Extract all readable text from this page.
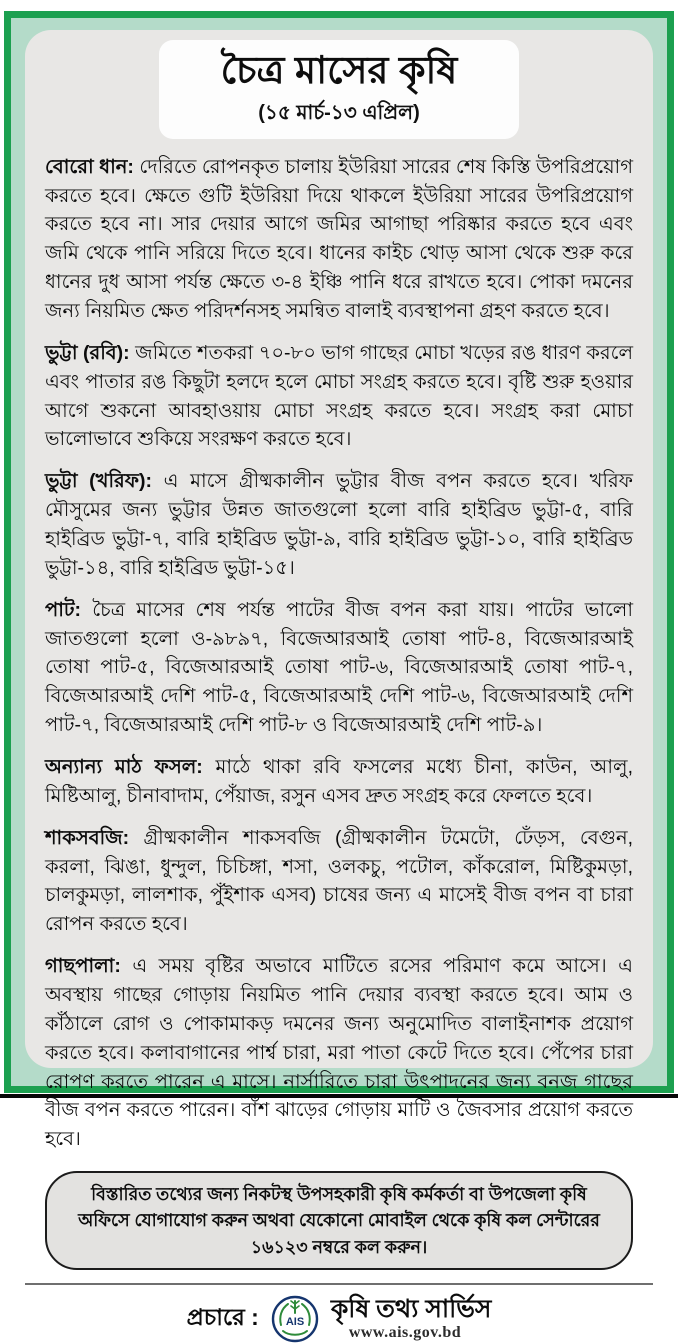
চৈত্র মাসের কৃষি
(১৫ মার্চ-১৩ এপ্রিল)

বোরো ধান: দেরিতে রোপনকৃত চালায় ইউরিয়া সারের শেষ কিস্তি উপরিপ্রয়োগ করতে হবে। ক্ষেতে গুটি ইউরিয়া দিয়ে থাকলে ইউরিয়া সারের উপরিপ্রয়োগ করতে হবে না। সার দেয়ার আগে জমির আগাছা পরিষ্কার করতে হবে এবং জমি থেকে পানি সরিয়ে দিতে হবে। ধানের কাইচ থোড় আসা থেকে শুরু করে ধানের দুধ আসা পর্যন্ত ক্ষেতে ৩-৪ ইঞ্চি পানি ধরে রাখতে হবে। পোকা দমনের জন্য নিয়মিত ক্ষেত পরিদর্শনসহ সমন্বিত বালাই ব্যবস্থাপনা গ্রহণ করতে হবে।

ভুট্টা (রবি): জমিতে শতকরা ৭০-৮০ ভাগ গাছের মোচা খড়ের রঙ ধারণ করলে এবং পাতার রঙ কিছুটা হলদে হলে মোচা সংগ্রহ করতে হবে। বৃষ্টি শুরু হওয়ার আগে শুকনো আবহাওয়ায় মোচা সংগ্রহ করতে হবে। সংগ্রহ করা মোচা ভালোভাবে শুকিয়ে সংরক্ষণ করতে হবে।

ভুট্টা (খরিফ): এ মাসে গ্রীষ্মকালীন ভুট্টার বীজ বপন করতে হবে। খরিফ মৌসুমের জন্য ভুট্টার উন্নত জাতগুলো হলো বারি হাইব্রিড ভুট্টা-৫, বারি হাইব্রিড ভুট্টা-৭, বারি হাইব্রিড ভুট্টা-৯, বারি হাইব্রিড ভুট্টা-১০, বারি হাইব্রিড ভুট্টা-১৪, বারি হাইব্রিড ভুট্টা-১৫।

পাট: চৈত্র মাসের শেষ পর্যন্ত পাটের বীজ বপন করা যায়। পাটের ভালো জাতগুলো হলো ও-৯৮৯৭, বিজেআরআই তোষা পাট-৪, বিজেআরআই তোষা পাট-৫, বিজেআরআই তোষা পাট-৬, বিজেআরআই তোষা পাট-৭, বিজেআরআই দেশি পাট-৫, বিজেআরআই দেশি পাট-৬, বিজেআরআই দেশি পাট-৭, বিজেআরআই দেশি পাট-৮ ও বিজেআরআই দেশি পাট-৯।

অন্যান্য মাঠ ফসল: মাঠে থাকা রবি ফসলের মধ্যে চীনা, কাউন, আলু, মিষ্টিআলু, চীনাবাদাম, পেঁয়াজ, রসুন এসব দ্রুত সংগ্রহ করে ফেলতে হবে।

শাকসবজি: গ্রীষ্মকালীন শাকসবজি (গ্রীষ্মকালীন টমেটো, ঢেঁড়স, বেগুন, করলা, ঝিঙা, ধুন্দুল, চিচিঙ্গা, শসা, ওলকচু, পটোল, কাঁকরোল, মিষ্টিকুমড়া, চালকুমড়া, লালশাক, পুঁইশাক এসব) চাষের জন্য এ মাসেই বীজ বপন বা চারা রোপন করতে হবে।

গাছপালা: এ সময় বৃষ্টির অভাবে মাটিতে রসের পরিমাণ কমে আসে। এ অবস্থায় গাছের গোড়ায় নিয়মিত পানি দেয়ার ব্যবস্থা করতে হবে। আম ও কাঁঠালে রোগ ও পোকামাকড় দমনের জন্য অনুমোদিত বালাইনাশক প্রয়োগ করতে হবে। কলাবাগানের পার্শ্ব চারা, মরা পাতা কেটে দিতে হবে। পেঁপের চারা রোপণ করতে পারেন এ মাসে। নার্সারিতে চারা উৎপাদনের জন্য বনজ গাছের বীজ বপন করতে পারেন। বাঁশ ঝাড়ের গোড়ায় মাটি ও জৈবসার প্রয়োগ করতে হবে।

বিস্তারিত তথ্যের জন্য নিকটস্থ উপসহকারী কৃষি কর্মকর্তা বা উপজেলা কৃষি অফিসে যোগাযোগ করুন অথবা যেকোনো মোবাইল থেকে কৃষি কল সেন্টারের ১৬১২৩ নম্বরে কল করুন।
প্রচারে : AIS কৃষি তথ্য সার্ভিস
www.ais.gov.bd
